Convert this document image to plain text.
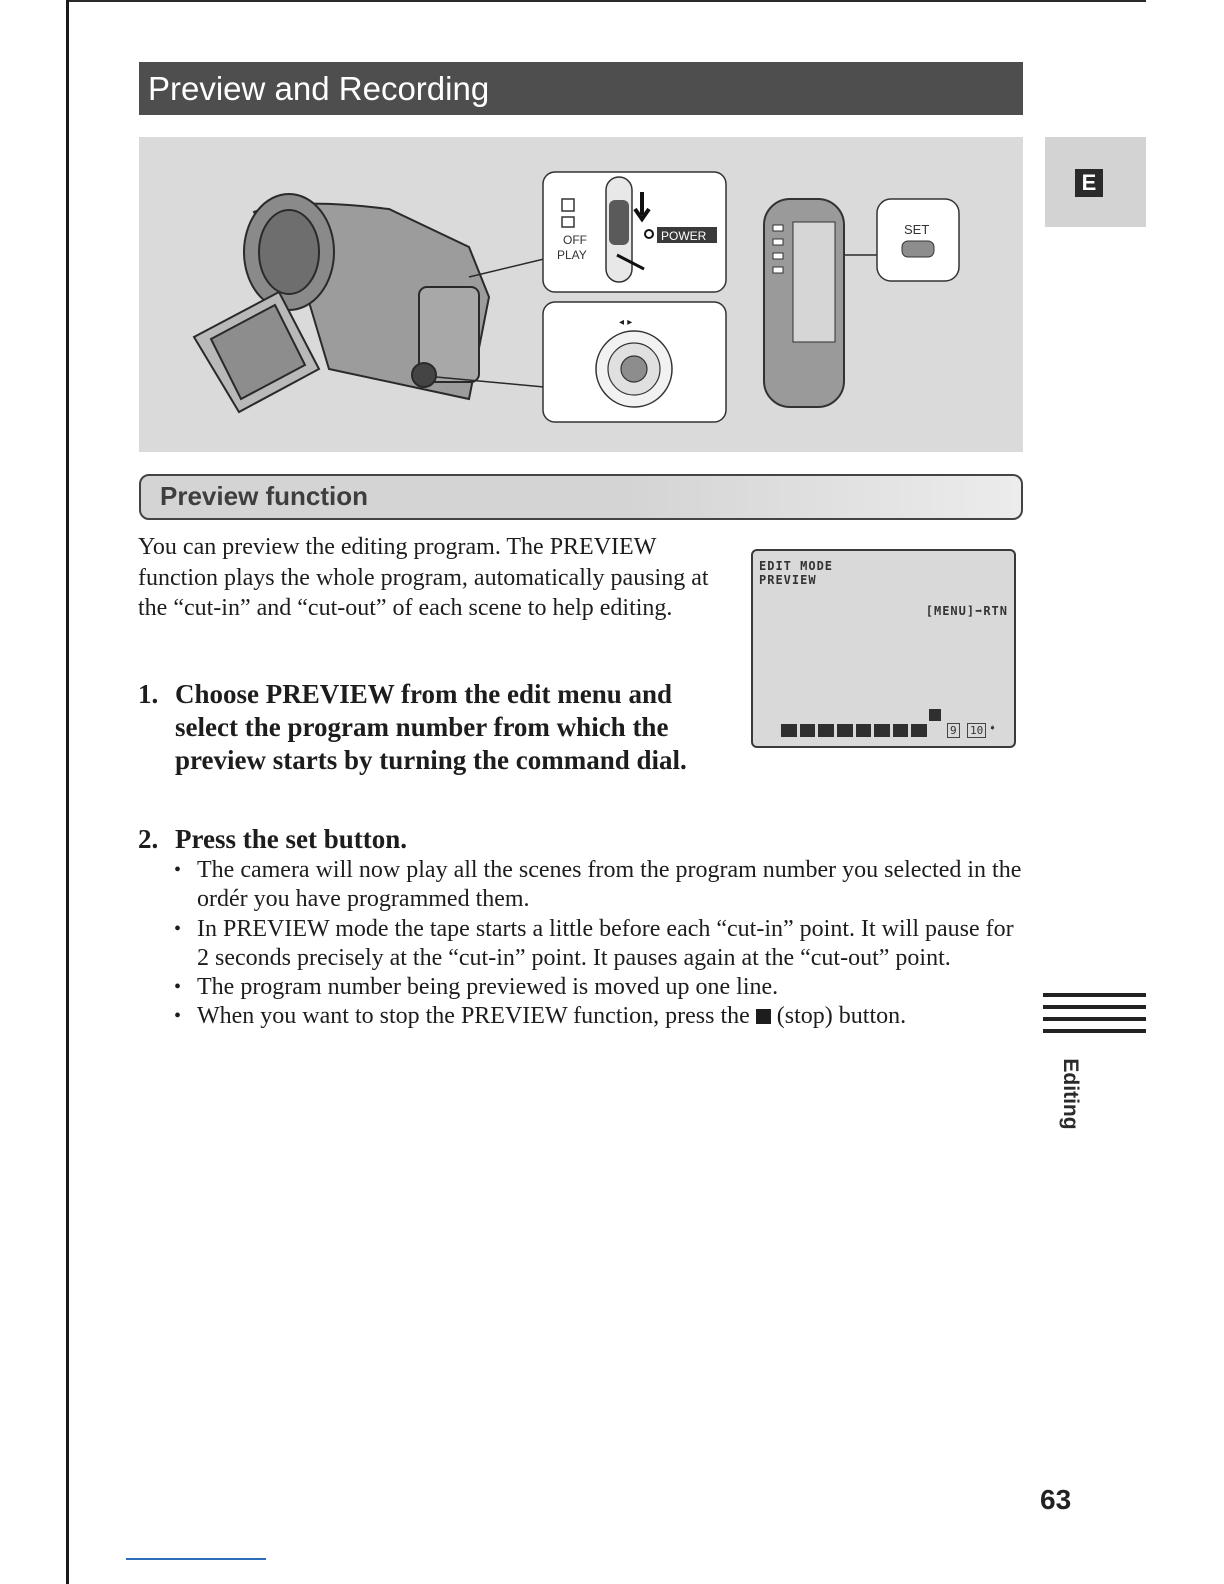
Preview and Recording
E
OFF
PLAY
POWER
◂ ▸
SET
Preview function

You can preview the editing program. The PREVIEW function plays the whole program, automatically pausing at the “cut-in” and “cut-out” of each scene to help editing.

EDIT MODE
PREVIEW
[MENU]➡RTN
9 10 ➧
1. Choose PREVIEW from the edit menu and select the program number from which the preview starts by turning the command dial.
2. Press the set button.
• The camera will now play all the scenes from the program number you selected in the ordér you have programmed them.
• In PREVIEW mode the tape starts a little before each “cut-in” point. It will pause for 2 seconds precisely at the “cut-in” point. It pauses again at the “cut-out” point.
• The program number being previewed is moved up one line.
• When you want to stop the PREVIEW function, press the (stop) button.
Editing
63
